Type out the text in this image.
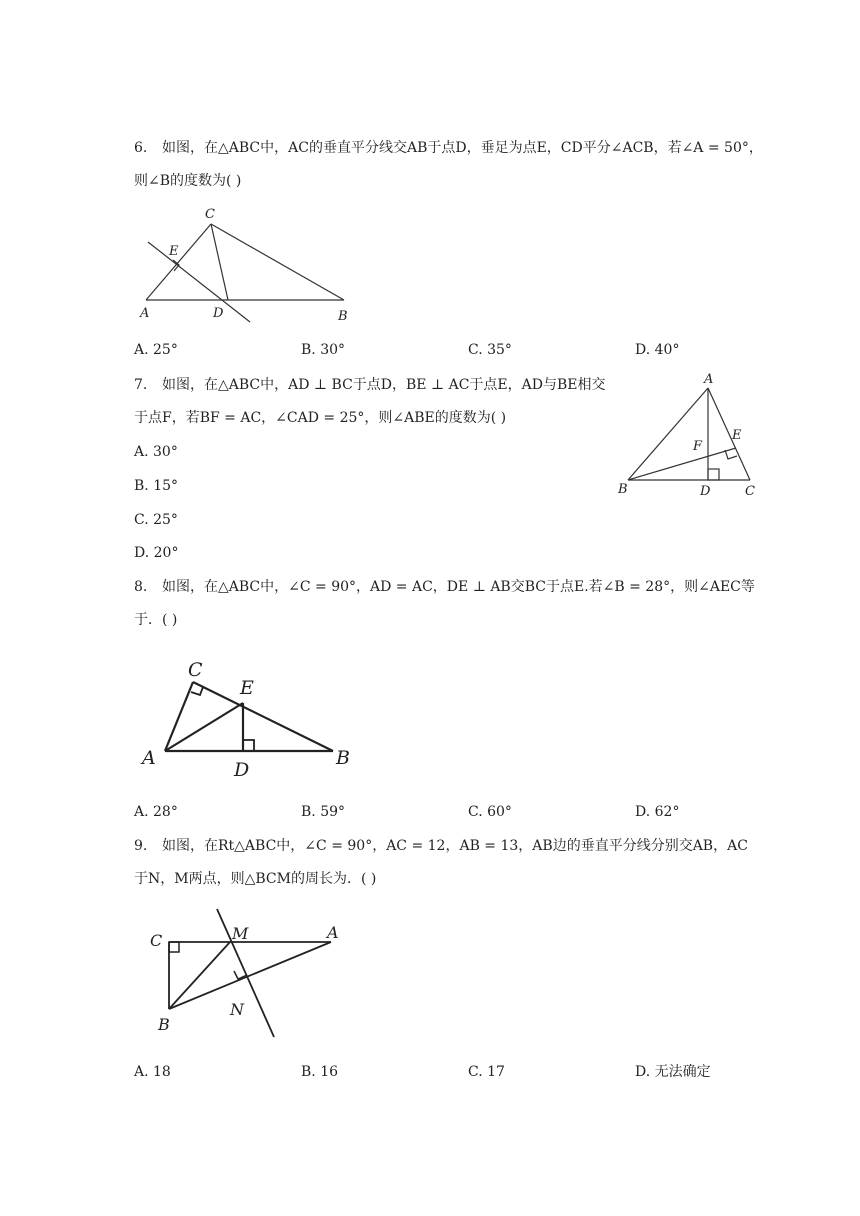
6. 如图，在△ABC中，AC的垂直平分线交AB于点D，垂足为点E，CD平分∠ACB，若∠A = 50°，
则∠B的度数为( )
C
E
A	D	B
A. 25°	B. 30°	C. 35°	D. 40°
7. 如图，在△ABC中，AD ⊥ BC于点D，BE ⊥ AC于点E，AD与BE相交
于点F，若BF = AC，∠CAD = 25°，则∠ABE的度数为( )
A
E
F
B	D	C
A. 30°
B. 15°
C. 25°
D. 20°
8. 如图，在△ABC中，∠C = 90°，AD = AC，DE ⊥ AB交BC于点E.若∠B = 28°，则∠AEC等
于．( )
C
E
A
D
B
A. 28°	B. 59°	C. 60°	D. 62°
9. 如图，在Rt△ABC中，∠C = 90°，AC = 12，AB = 13，AB边的垂直平分线分别交AB，AC
于N，M两点，则△BCM的周长为．( )
C	M	A
N
B
A. 18	B. 16	C. 17	D. 无法确定
